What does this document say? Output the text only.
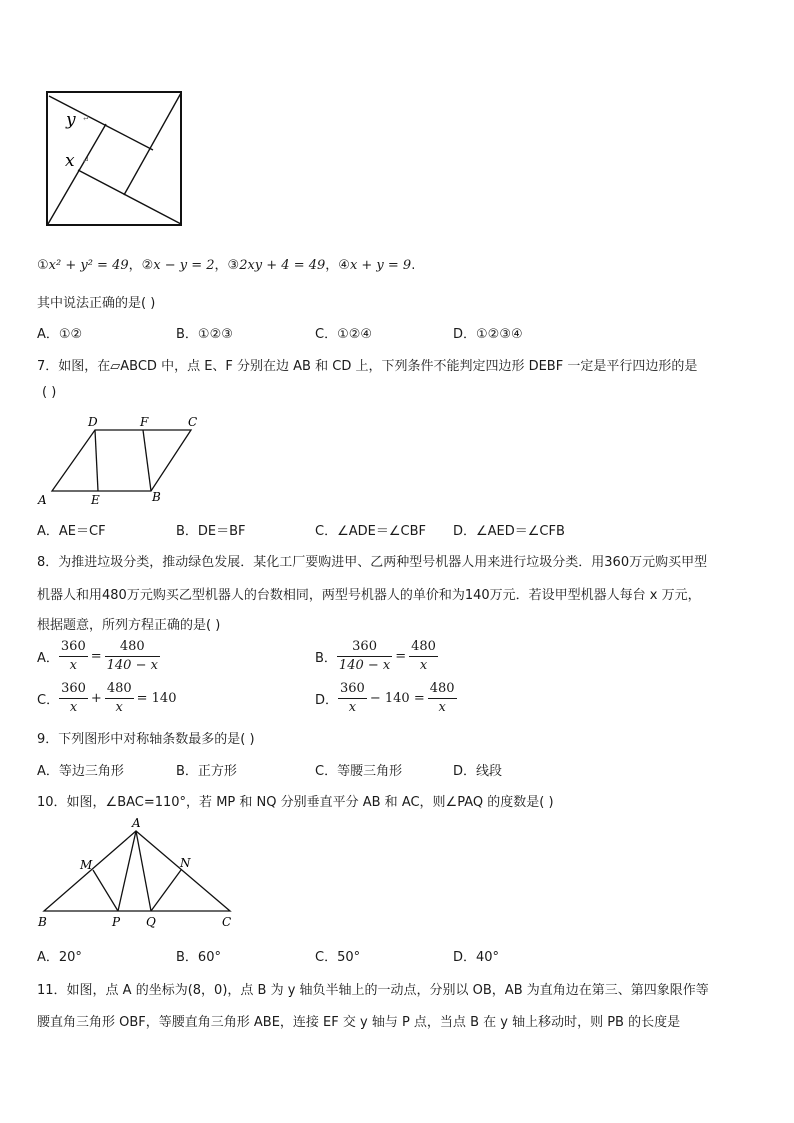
y
x
↵
↵
①x² + y² = 49，②x − y = 2，③2xy + 4 = 49，④x + y = 9.
其中说法正确的是( )
A．①②	B．①②③	C．①②④	D．①②③④
7．如图，在▱ABCD 中，点 E、F 分别在边 AB 和 CD 上，下列条件不能判定四边形 DEBF 一定是平行四边形的是
( )
D	F	C
A	E	B
A．AE＝CF	B．DE＝BF	C．∠ADE＝∠CBF D．∠AED＝∠CFB
8．为推进垃圾分类，推动绿色发展．某化工厂要购进甲、乙两种型号机器人用来进行垃圾分类．用360万元购买甲型
机器人和用480万元购买乙型机器人的台数相同，两型号机器人的单价和为140万元．若设甲型机器人每台 x 万元，
根据题意，所列方程正确的是( )
A． $\frac{360}{x} = \frac{480}{140 - x}$	B． $\frac{360}{140 - x} = \frac{480}{x}$
C． $\frac{360}{x} + \frac{480}{x} = 140$	D． $\frac{360}{x} - 140 = \frac{480}{x}$
9．下列图形中对称轴条数最多的是( )
A．等边三角形	B．正方形	C．等腰三角形	D．线段
10．如图，∠BAC=110°，若 MP 和 NQ 分别垂直平分 AB 和 AC，则∠PAQ 的度数是( )
A
M	N
B	P Q	C
A．20°	B．60°	C．50°	D．40°
11．如图，点 A 的坐标为(8，0)，点 B 为 y 轴负半轴上的一动点，分别以 OB，AB 为直角边在第三、第四象限作等
腰直角三角形 OBF，等腰直角三角形 ABE，连接 EF 交 y 轴与 P 点，当点 B 在 y 轴上移动时，则 PB 的长度是
